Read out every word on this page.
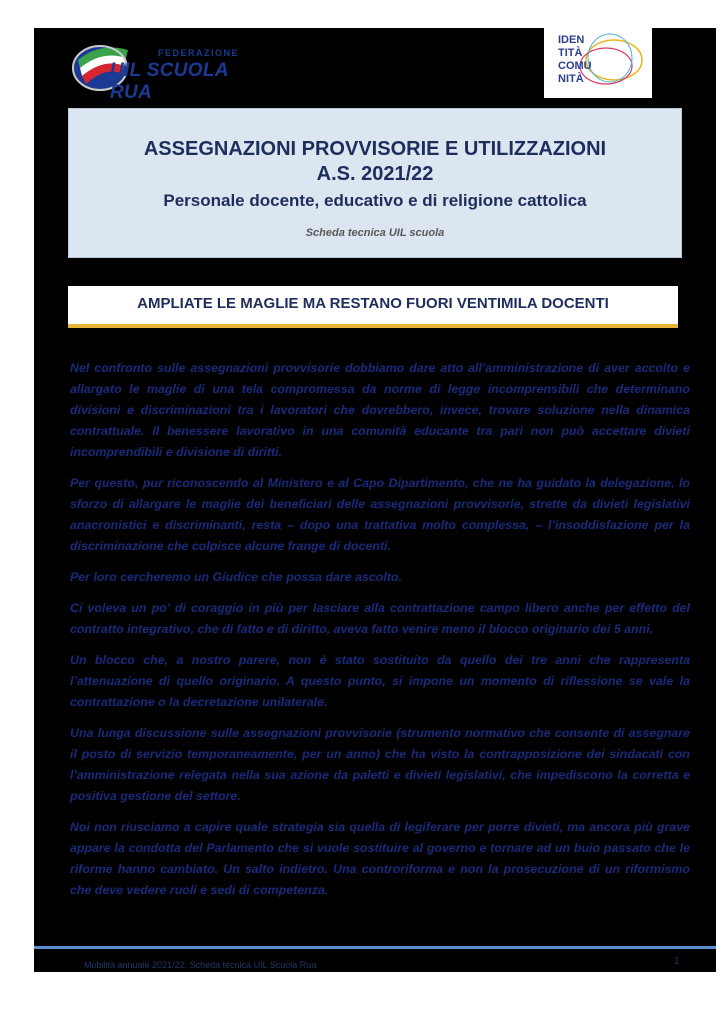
FEDERAZIONE
UIL SCUOLA RUA
IDEN
TITÀ
COMU
NITÀ
ASSEGNAZIONI PROVVISORIE E UTILIZZAZIONI
A.S. 2021/22
Personale docente, educativo e di religione cattolica
Scheda tecnica UIL scuola
AMPLIATE LE MAGLIE MA RESTANO FUORI VENTIMILA DOCENTI

Nel confronto sulle assegnazioni provvisorie dobbiamo dare atto all’amministrazione di aver accolto e allargato le maglie di una tela compromessa da norme di legge incomprensibili che determinano divisioni e discriminazioni tra i lavoratori che dovrebbero, invece, trovare soluzione nella dinamica contrattuale. Il benessere lavorativo in una comunità educante tra pari non può accettare divieti incomprendibili e divisione di diritti.

Per questo, pur riconoscendo al Ministero e al Capo Dipartimento, che ne ha guidato la delegazione, lo sforzo di allargare le maglie dei beneficiari delle assegnazioni provvisorie, strette da divieti legislativi anacronistici e discriminanti, resta – dopo una trattativa molto complessa, – l’insoddisfazione per la discriminazione che colpisce alcune frange di docenti.

Per loro cercheremo un Giudice che possa dare ascolto.

Ci voleva un po’ di coraggio in più per lasciare alla contrattazione campo libero anche per effetto del contratto integrativo, che di fatto e di diritto, aveva fatto venire meno il blocco originario dei 5 anni.

Un blocco che, a nostro parere, non è stato sostituito da quello dei tre anni che rappresenta l’attenuazione di quello originario. A questo punto, si impone un momento di riflessione se vale la contrattazione o la decretazione unilaterale.

Una lunga discussione sulle assegnazioni provvisorie (strumento normativo che consente di assegnare il posto di servizio temporaneamente, per un anno) che ha visto la contrapposizione dei sindacati con l’amministrazione relegata nella sua azione da paletti e divieti legislativi, che impediscono la corretta e positiva gestione del settore.

Noi non riusciamo a capire quale strategia sia quella di legiferare per porre divieti, ma ancora più grave appare la condotta del Parlamento che si vuole sostituire al governo e tornare ad un buio passato che le riforme hanno cambiato. Un salto indietro. Una controriforma e non la prosecuzione di un riformismo che deve vedere ruoli e sedi di competenza.

Mobilità annuale 2021/22: Scheda tecnica UIL Scuola Rua	1
